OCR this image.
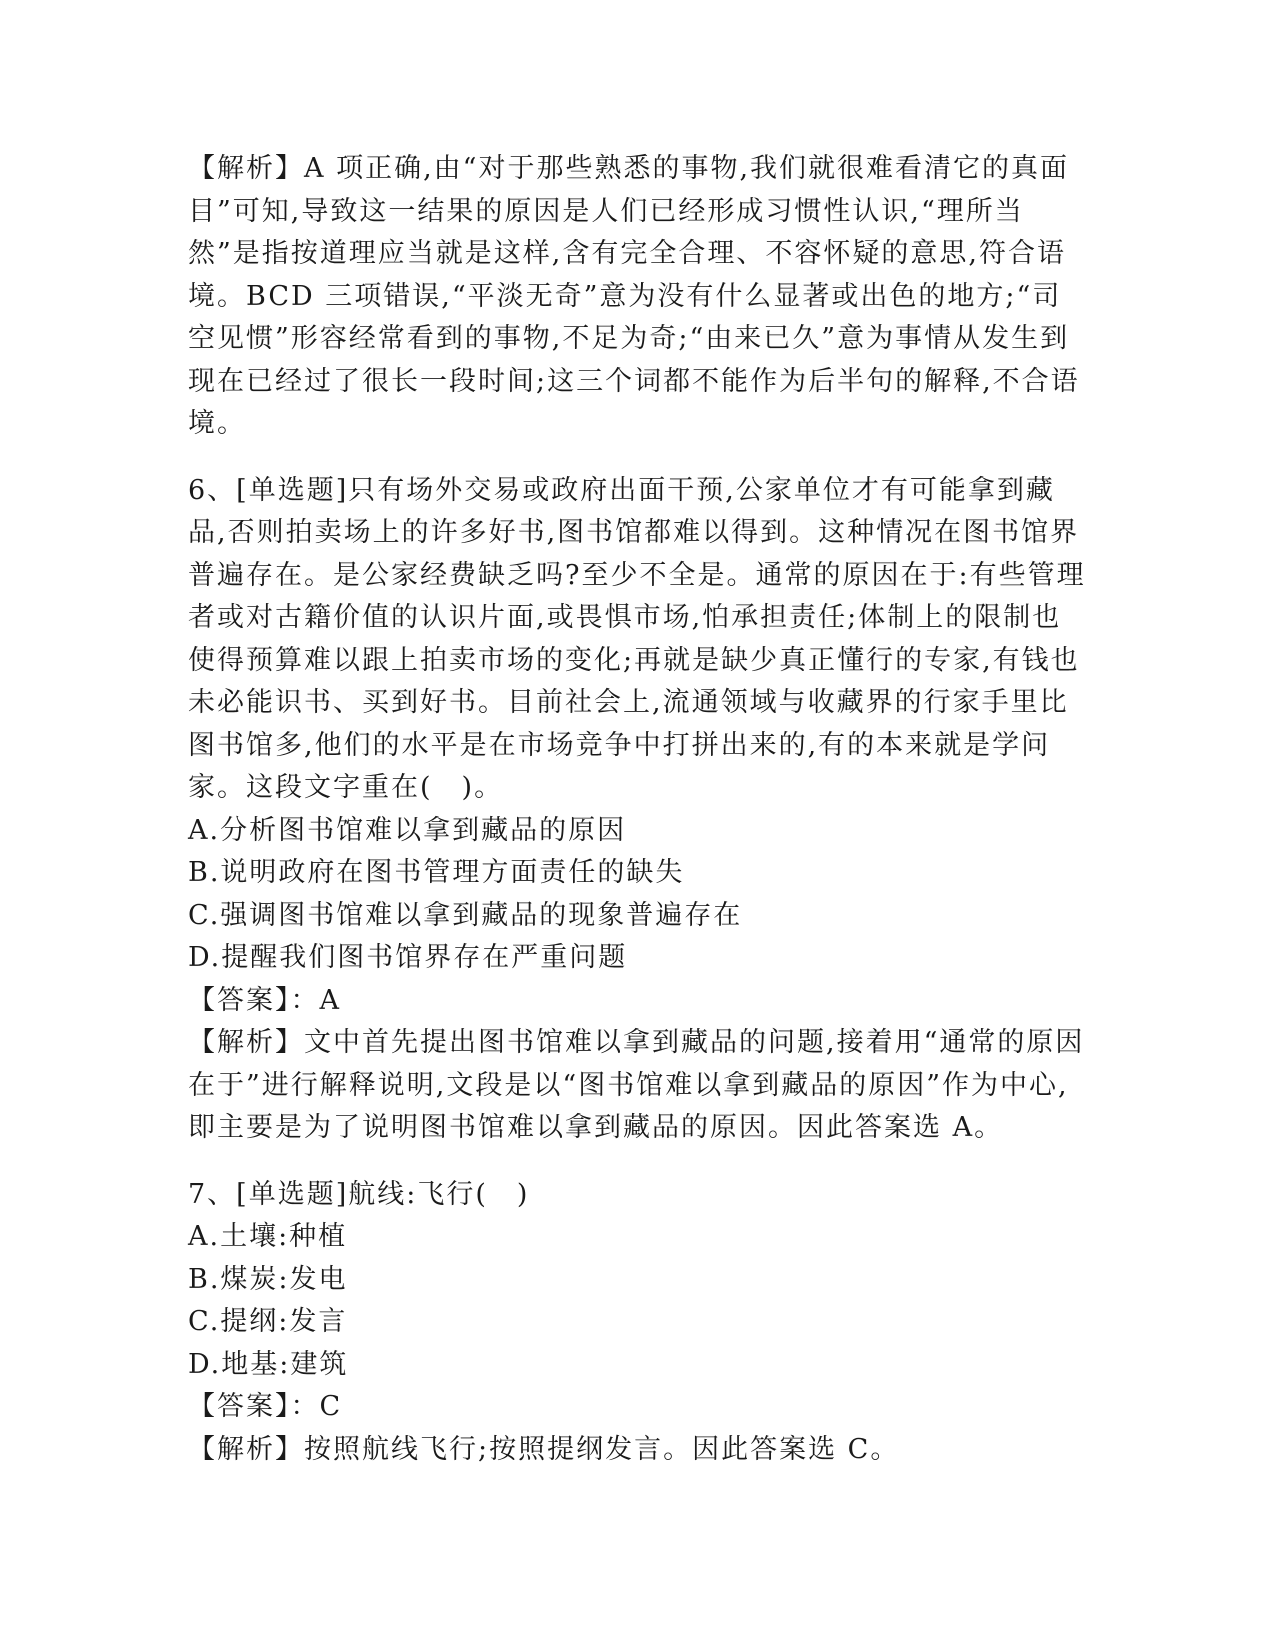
【解析】A 项正确,由“对于那些熟悉的事物,我们就很难看清它的真面目”可知,导致这一结果的原因是人们已经形成习惯性认识,“理所当然”是指按道理应当就是这样,含有完全合理、不容怀疑的意思,符合语境。BCD 三项错误,“平淡无奇”意为没有什么显著或出色的地方;“司空见惯”形容经常看到的事物,不足为奇;“由来已久”意为事情从发生到现在已经过了很长一段时间;这三个词都不能作为后半句的解释,不合语境。

6、[单选题]只有场外交易或政府出面干预,公家单位才有可能拿到藏品,否则拍卖场上的许多好书,图书馆都难以得到。这种情况在图书馆界普遍存在。是公家经费缺乏吗?至少不全是。通常的原因在于:有些管理者或对古籍价值的认识片面,或畏惧市场,怕承担责任;体制上的限制也使得预算难以跟上拍卖市场的变化;再就是缺少真正懂行的专家,有钱也未必能识书、买到好书。目前社会上,流通领域与收藏界的行家手里比图书馆多,他们的水平是在市场竞争中打拼出来的,有的本来就是学问家。这段文字重在(　)。

A.分析图书馆难以拿到藏品的原因

B.说明政府在图书管理方面责任的缺失

C.强调图书馆难以拿到藏品的现象普遍存在

D.提醒我们图书馆界存在严重问题

【答案】：A

【解析】文中首先提出图书馆难以拿到藏品的问题,接着用“通常的原因在于”进行解释说明,文段是以“图书馆难以拿到藏品的原因”作为中心,即主要是为了说明图书馆难以拿到藏品的原因。因此答案选 A。

7、[单选题]航线:飞行(　)

A.土壤:种植

B.煤炭:发电

C.提纲:发言

D.地基:建筑

【答案】：C

【解析】按照航线飞行;按照提纲发言。因此答案选 C。
